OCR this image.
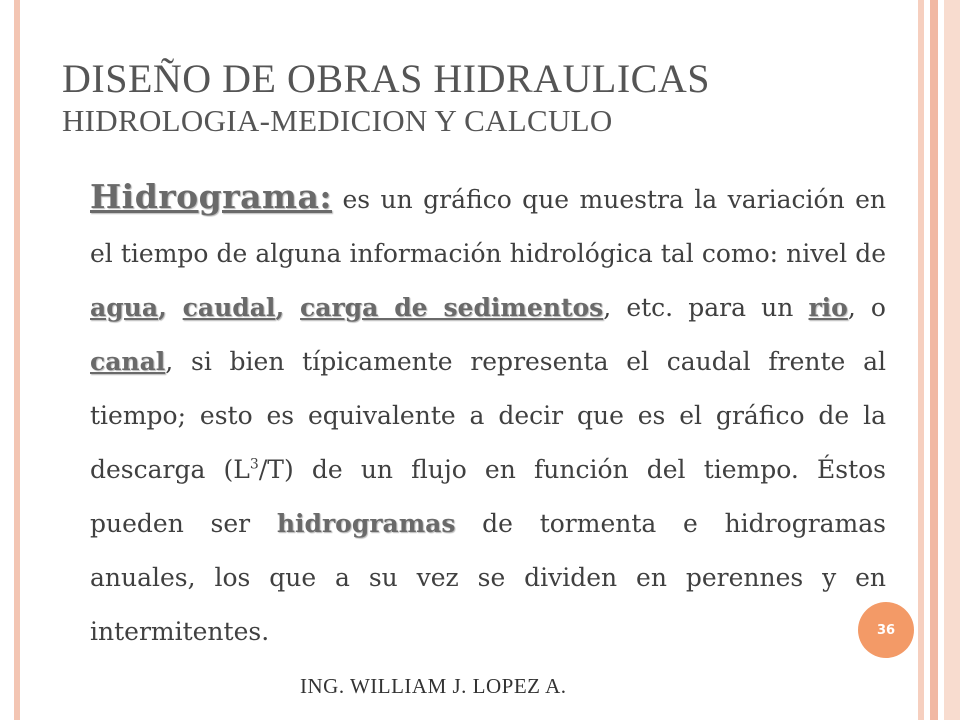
DISEÑO DE OBRAS HIDRAULICAS
HIDROLOGIA-MEDICION Y CALCULO
Hidrograma: es un gráfico que muestra la variación en el tiempo de alguna información hidrológica tal como: nivel de agua, caudal, carga de sedimentos, etc. para un rio, o canal, si bien típicamente representa el caudal frente al tiempo; esto es equivalente a decir que es el gráfico de la descarga $(L^3/T)$ de un flujo en función del tiempo. Éstos pueden ser hidrogramas de tormenta e hidrogramas anuales, los que a su vez se dividen en perennes y en intermitentes.	36
ING. WILLIAM J. LOPEZ A.
